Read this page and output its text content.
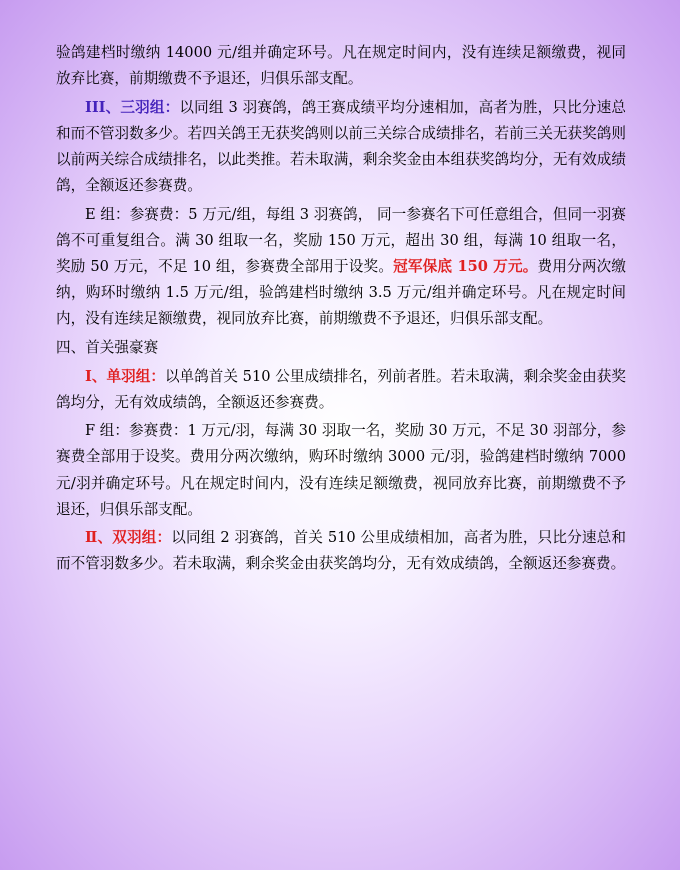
验鸽建档时缴纳 14000 元/组并确定环号。凡在规定时间内，没有连续足额缴费，视同放弃比赛，前期缴费不予退还，归俱乐部支配。

III、三羽组：以同组 3 羽赛鸽，鸽王赛成绩平均分速相加，高者为胜，只比分速总和而不管羽数多少。若四关鸽王无获奖鸽则以前三关综合成绩排名，若前三关无获奖鸽则以前两关综合成绩排名，以此类推。若未取满，剩余奖金由本组获奖鸽均分，无有效成绩鸽，全额返还参赛费。

E 组：参赛费：5 万元/组，每组 3 羽赛鸽， 同一参赛名下可任意组合，但同一羽赛鸽不可重复组合。满 30 组取一名，奖励 150 万元，超出 30 组，每满 10 组取一名，奖励 50 万元，不足 10 组，参赛费全部用于设奖。冠军保底 150 万元。费用分两次缴纳，购环时缴纳 1.5 万元/组，验鸽建档时缴纳 3.5 万元/组并确定环号。凡在规定时间内，没有连续足额缴费，视同放弃比赛，前期缴费不予退还，归俱乐部支配。

四、首关强豪赛

Ⅰ、单羽组：以单鸽首关 510 公里成绩排名，列前者胜。若未取满，剩余奖金由获奖鸽均分，无有效成绩鸽，全额返还参赛费。

F 组：参赛费：1 万元/羽，每满 30 羽取一名，奖励 30 万元，不足 30 羽部分，参赛费全部用于设奖。费用分两次缴纳，购环时缴纳 3000 元/羽，验鸽建档时缴纳 7000 元/羽并确定环号。凡在规定时间内，没有连续足额缴费，视同放弃比赛，前期缴费不予退还，归俱乐部支配。

Ⅱ、双羽组：以同组 2 羽赛鸽，首关 510 公里成绩相加，高者为胜，只比分速总和而不管羽数多少。若未取满，剩余奖金由获奖鸽均分，无有效成绩鸽，全额返还参赛费。
